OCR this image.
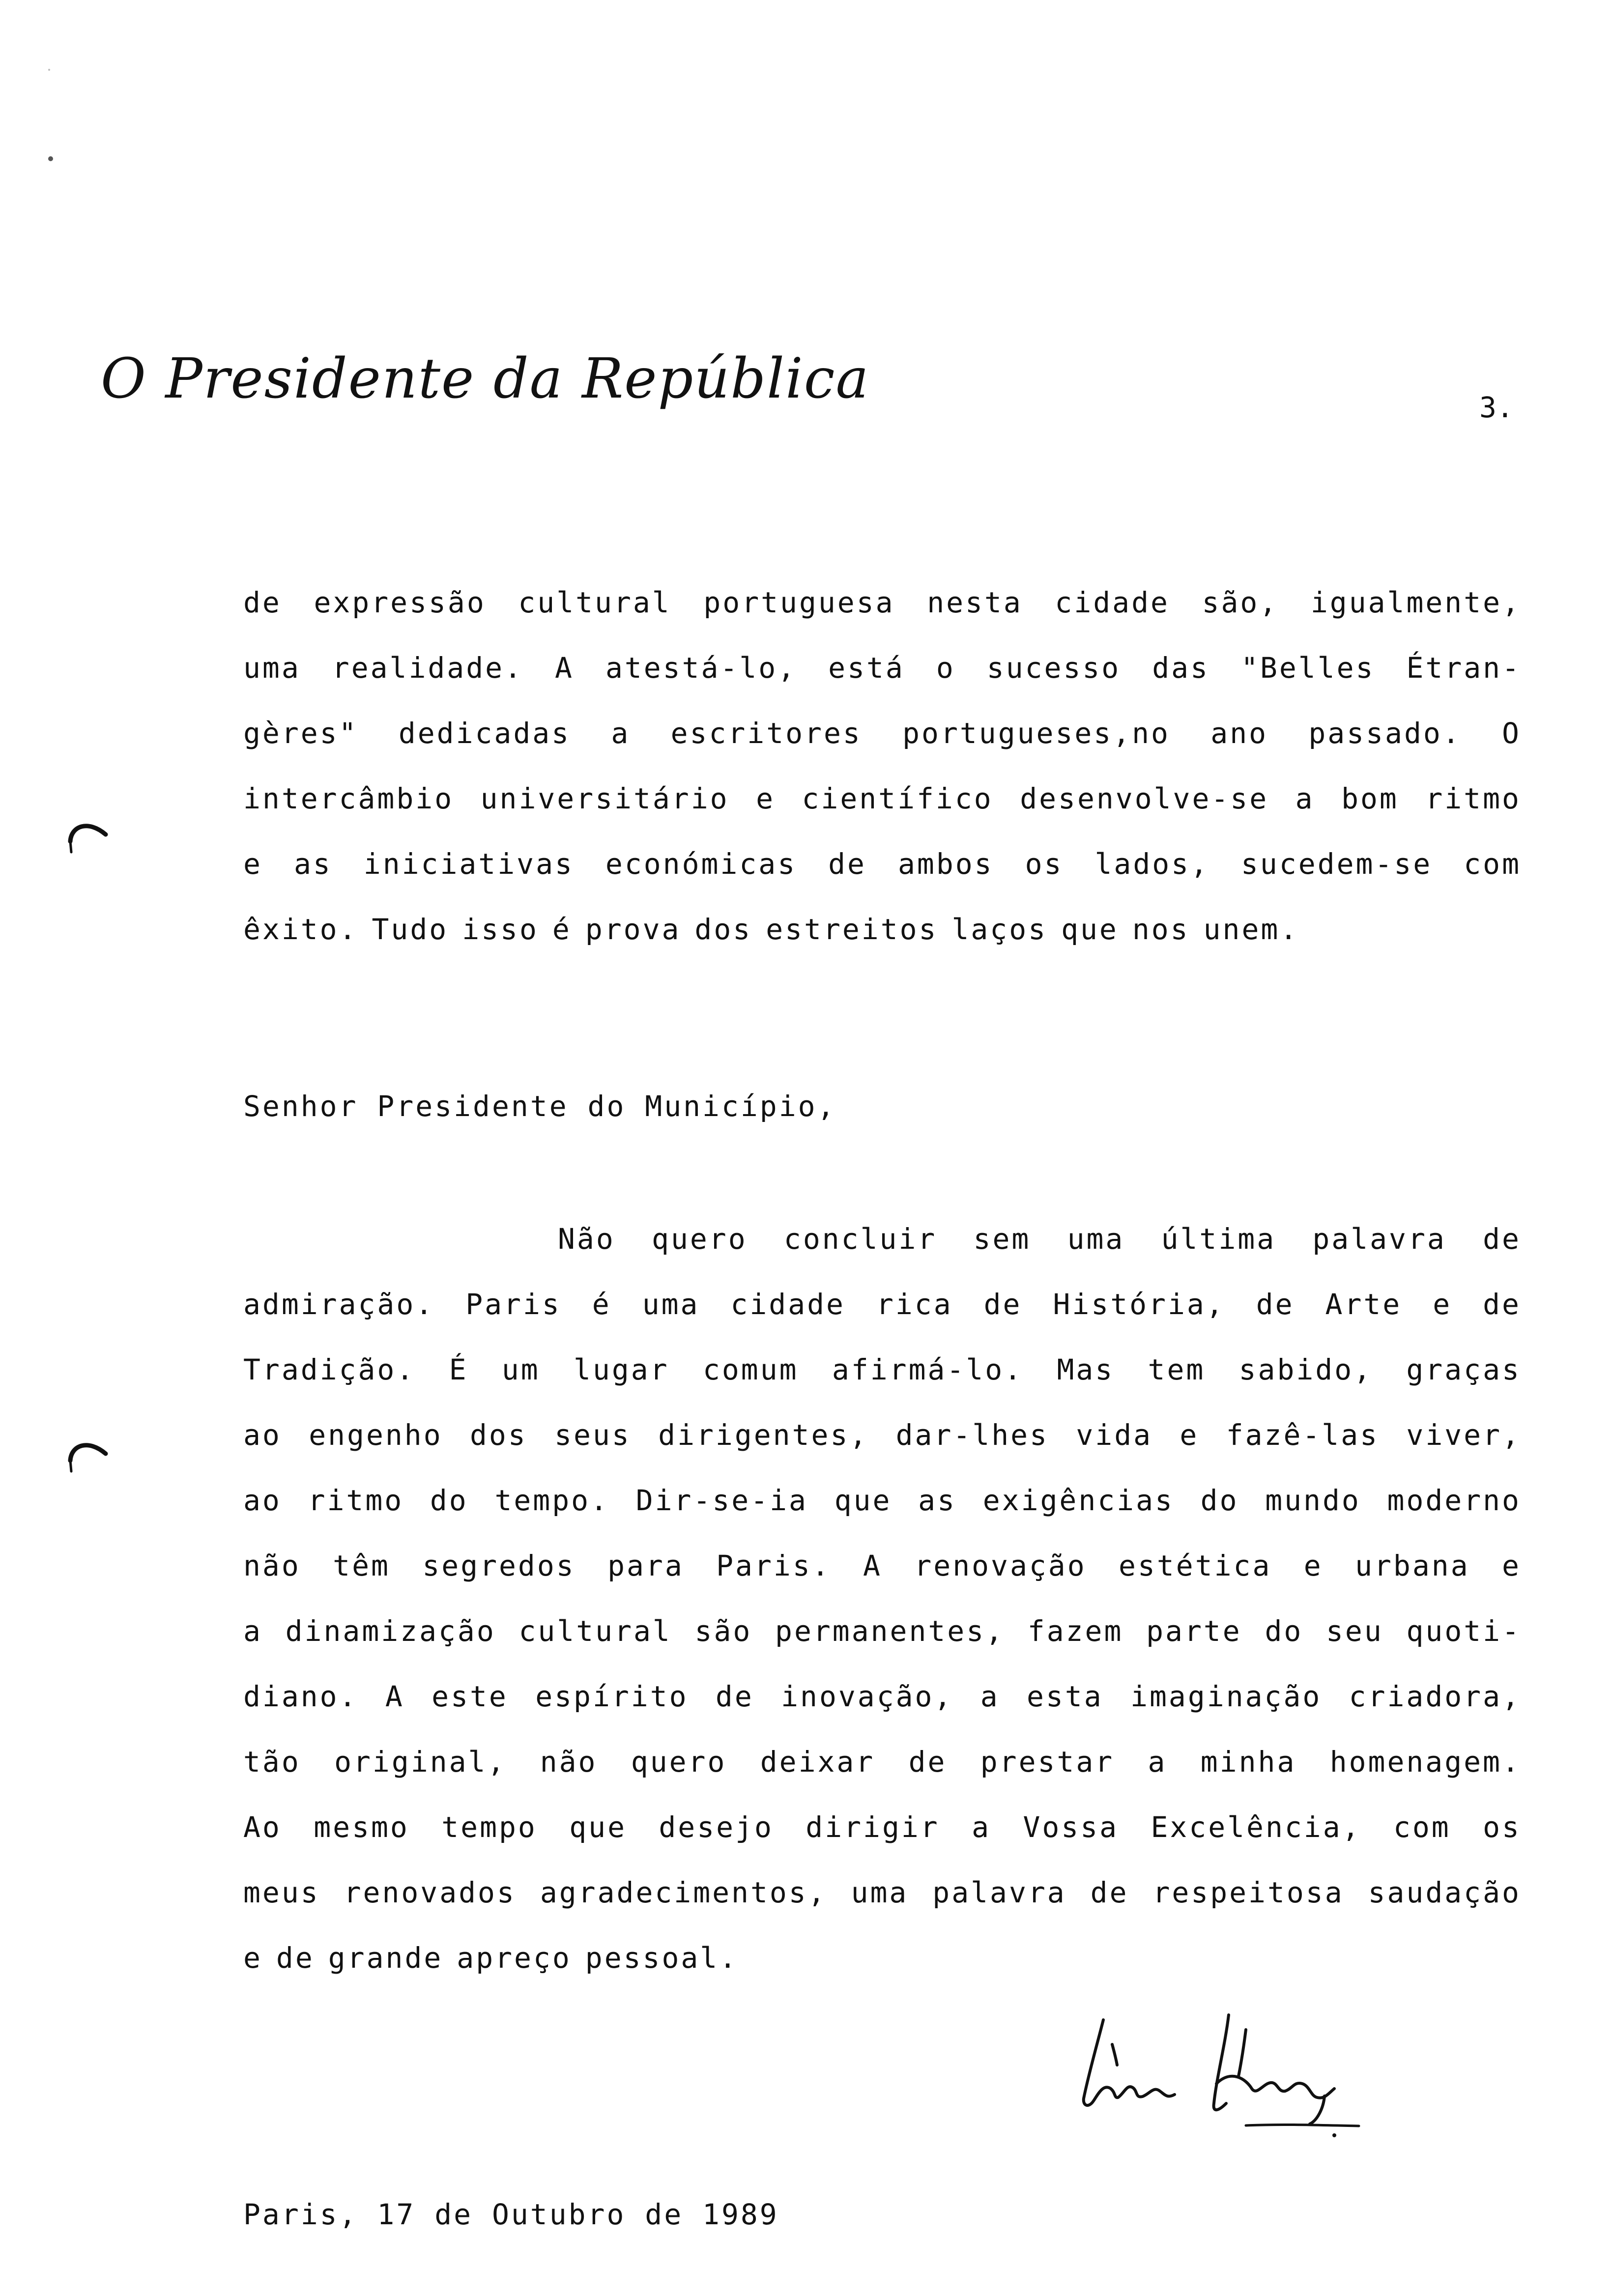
O Presidente da República	3.
de expressão cultural portuguesa nesta cidade são, igualmente,
uma realidade. A atestá-lo, está o sucesso das "Belles Étran-
gères" dedicadas a escritores portugueses,no ano passado. O
intercâmbio universitário e científico desenvolve-se a bom ritmo
e as iniciativas económicas de ambos os lados, sucedem-se com
êxito. Tudo isso é prova dos estreitos laços que nos unem.
Senhor Presidente do Município,
Não quero concluir sem uma última palavra de
admiração. Paris é uma cidade rica de História, de Arte e de
Tradição. É um lugar comum afirmá-lo. Mas tem sabido, graças
ao engenho dos seus dirigentes, dar-lhes vida e fazê-las viver,
ao ritmo do tempo. Dir-se-ia que as exigências do mundo moderno
não têm segredos para Paris. A renovação estética e urbana e
a dinamização cultural são permanentes, fazem parte do seu quoti-
diano. A este espírito de inovação, a esta imaginação criadora,
tão original, não quero deixar de prestar a minha homenagem.
Ao mesmo tempo que desejo dirigir a Vossa Excelência, com os
meus renovados agradecimentos, uma palavra de respeitosa saudação
e de grande apreço pessoal.
Paris, 17 de Outubro de 1989
